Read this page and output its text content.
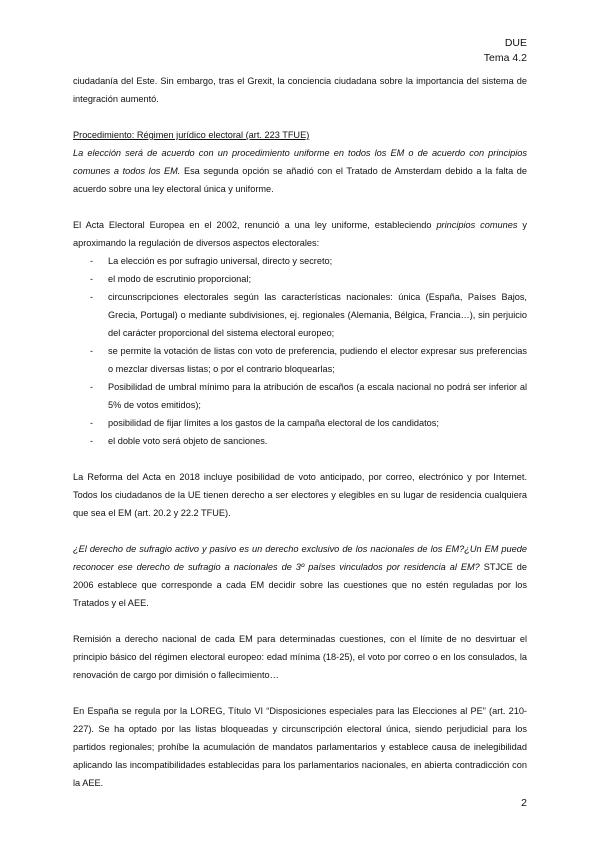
DUE
Tema 4.2

ciudadanía del Este. Sin embargo, tras el Grexit, la conciencia ciudadana sobre la importancia del sistema de integración aumentó.

Procedimiento: Régimen jurídico electoral (art. 223 TFUE)

La elección será de acuerdo con un procedimiento uniforme en todos los EM o de acuerdo con principios comunes a todos los EM. Esa segunda opción se añadió con el Tratado de Amsterdam debido a la falta de acuerdo sobre una ley electoral única y uniforme.

El Acta Electoral Europea en el 2002, renunció a una ley uniforme, estableciendo principios comunes y aproximando la regulación de diversos aspectos electorales:

- La elección es por sufragio universal, directo y secreto;
- el modo de escrutinio proporcional;
- circunscripciones electorales según las características nacionales: única (España, Países Bajos, Grecia, Portugal) o mediante subdivisiones, ej. regionales (Alemania, Bélgica, Francia…), sin perjuicio del carácter proporcional del sistema electoral europeo;
- se permite la votación de listas con voto de preferencia, pudiendo el elector expresar sus preferencias o mezclar diversas listas; o por el contrario bloquearlas;
- Posibilidad de umbral mínimo para la atribución de escaños (a escala nacional no podrá ser inferior al 5% de votos emitidos);
- posibilidad de fijar límites a los gastos de la campaña electoral de los candidatos;
- el doble voto será objeto de sanciones.

La Reforma del Acta en 2018 incluye posibilidad de voto anticipado, por correo, electrónico y por Internet. Todos los ciudadanos de la UE tienen derecho a ser electores y elegibles en su lugar de residencia cualquiera que sea el EM (art. 20.2 y 22.2 TFUE).

¿El derecho de sufragio activo y pasivo es un derecho exclusivo de los nacionales de los EM?¿Un EM puede reconocer ese derecho de sufragio a nacionales de 3º países vinculados por residencia al EM? STJCE de 2006 establece que corresponde a cada EM decidir sobre las cuestiones que no estén reguladas por los Tratados y el AEE.

Remisión a derecho nacional de cada EM para determinadas cuestiones, con el límite de no desvirtuar el principio básico del régimen electoral europeo: edad mínima (18-25), el voto por correo o en los consulados, la renovación de cargo por dimisión o fallecimiento…

En España se regula por la LOREG, Título VI “Disposiciones especiales para las Elecciones al PE” (art. 210-227). Se ha optado por las listas bloqueadas y circunscripción electoral única, siendo perjudicial para los partidos regionales; prohíbe la acumulación de mandatos parlamentarios y establece causa de inelegibilidad aplicando las incompatibilidades establecidas para los parlamentarios nacionales, en abierta contradicción con la AEE.

2
